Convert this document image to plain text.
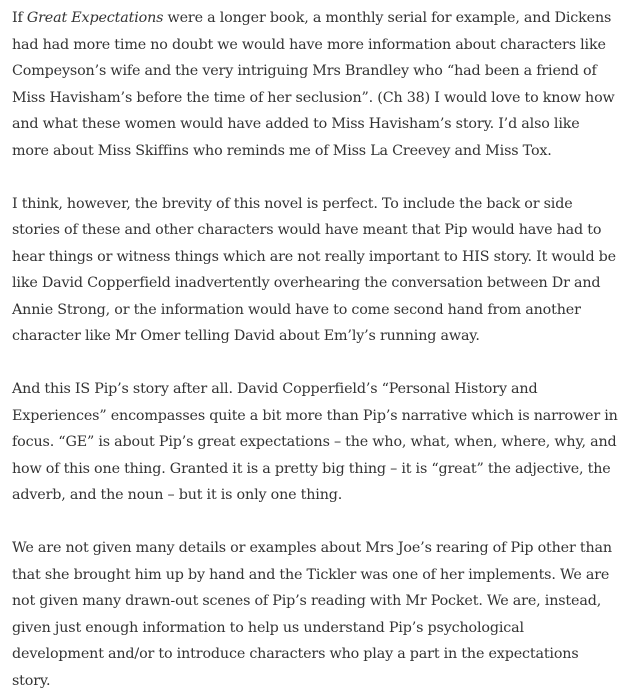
If Great Expectations were a longer book, a monthly serial for example, and Dickens had had more time no doubt we would have more information about characters like Compeyson’s wife and the very intriguing Mrs Brandley who “had been a friend of Miss Havisham’s before the time of her seclusion”. (Ch 38) I would love to know how and what these women would have added to Miss Havisham’s story. I’d also like more about Miss Skiffins who reminds me of Miss La Creevey and Miss Tox.

I think, however, the brevity of this novel is perfect. To include the back or side stories of these and other characters would have meant that Pip would have had to hear things or witness things which are not really important to HIS story. It would be like David Copperfield inadvertently overhearing the conversation between Dr and Annie Strong, or the information would have to come second hand from another character like Mr Omer telling David about Em’ly’s running away.

And this IS Pip’s story after all. David Copperfield’s “Personal History and Experiences” encompasses quite a bit more than Pip’s narrative which is narrower in focus. “GE” is about Pip’s great expectations – the who, what, when, where, why, and how of this one thing. Granted it is a pretty big thing – it is “great” the adjective, the adverb, and the noun – but it is only one thing.

We are not given many details or examples about Mrs Joe’s rearing of Pip other than that she brought him up by hand and the Tickler was one of her implements. We are not given many drawn-out scenes of Pip’s reading with Mr Pocket. We are, instead, given just enough information to help us understand Pip’s psychological development and/or to introduce characters who play a part in the expectations story.
